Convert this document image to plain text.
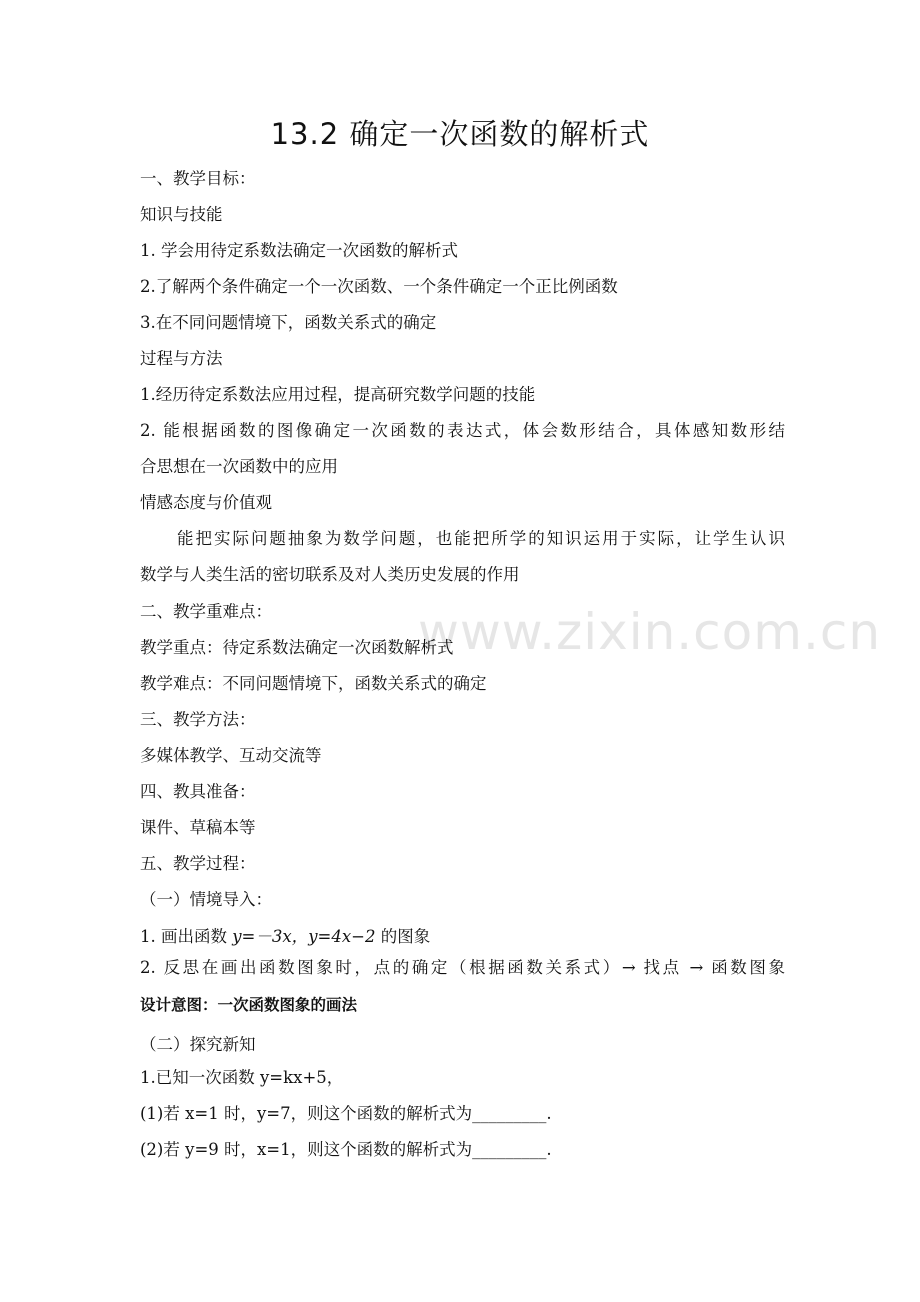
www.zixin.com.cn
13.2 确定一次函数的解析式
一、教学目标：
知识与技能
1. 学会用待定系数法确定一次函数的解析式
2.了解两个条件确定一个一次函数、一个条件确定一个正比例函数
3.在不同问题情境下，函数关系式的确定
过程与方法
1.经历待定系数法应用过程，提高研究数学问题的技能
2. 能根据函数的图像确定一次函数的表达式，体会数形结合，具体感知数形结
合思想在一次函数中的应用
情感态度与价值观
能把实际问题抽象为数学问题，也能把所学的知识运用于实际，让学生认识
数学与人类生活的密切联系及对人类历史发展的作用
二、教学重难点：
教学重点：待定系数法确定一次函数解析式
教学难点：不同问题情境下，函数关系式的确定
三、教学方法：
多媒体教学、互动交流等
四、教具准备：
课件、草稿本等
五、教学过程：
（一）情境导入：
1. 画出函数 y=－3x，y=4x−2 的图象
2. 反思在画出函数图象时，点的确定（根据函数关系式）→ 找点 → 函数图象
设计意图：一次函数图象的画法
（二）探究新知
1.已知一次函数 y=kx+5，
(1)若 x=1 时，y=7，则这个函数的解析式为_________.
(2)若 y=9 时，x=1，则这个函数的解析式为_________.
